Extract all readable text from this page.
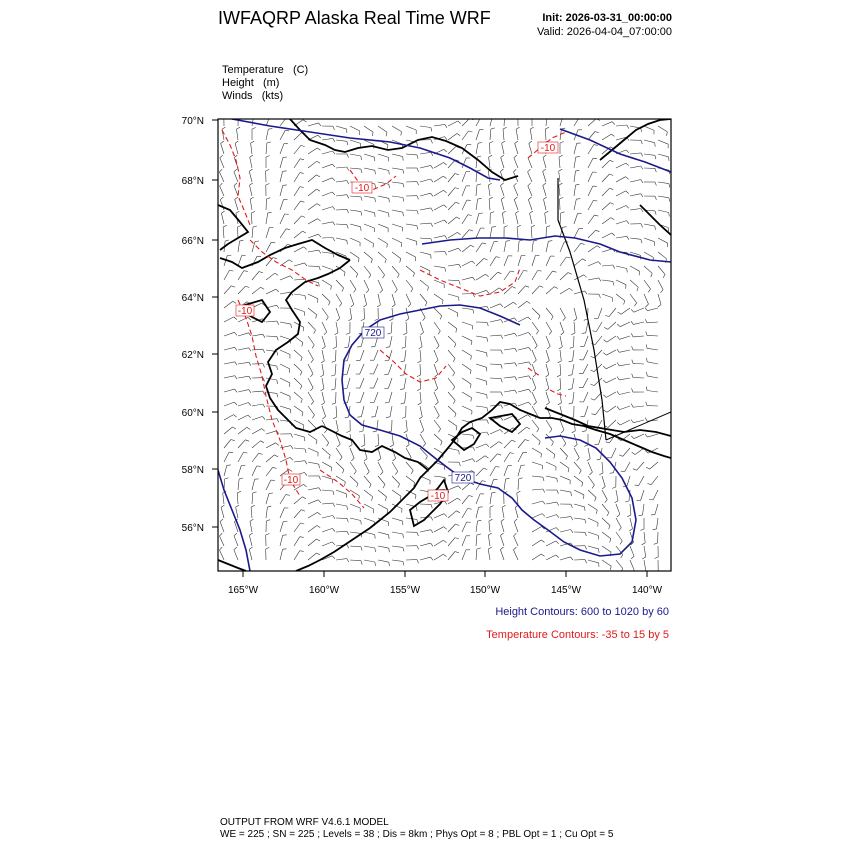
IWFAQRP Alaska Real Time WRF	Init: 2026-03-31_00:00:00
Valid: 2026-04-04_07:00:00
Temperature (C)
Height (m)
Winds (kts)
70°N
68°N
66°N
64°N
62°N
60°N
58°N
56°N
165°W	160°W	155°W	150°W	145°W	140°W
720
720
-10
-10
-10
-10
-10
Height Contours: 600 to 1020 by 60
Temperature Contours: -35 to 15 by 5
OUTPUT FROM WRF V4.6.1 MODEL
WE = 225 ; SN = 225 ; Levels = 38 ; Dis = 8km ; Phys Opt = 8 ; PBL Opt = 1 ; Cu Opt = 5
